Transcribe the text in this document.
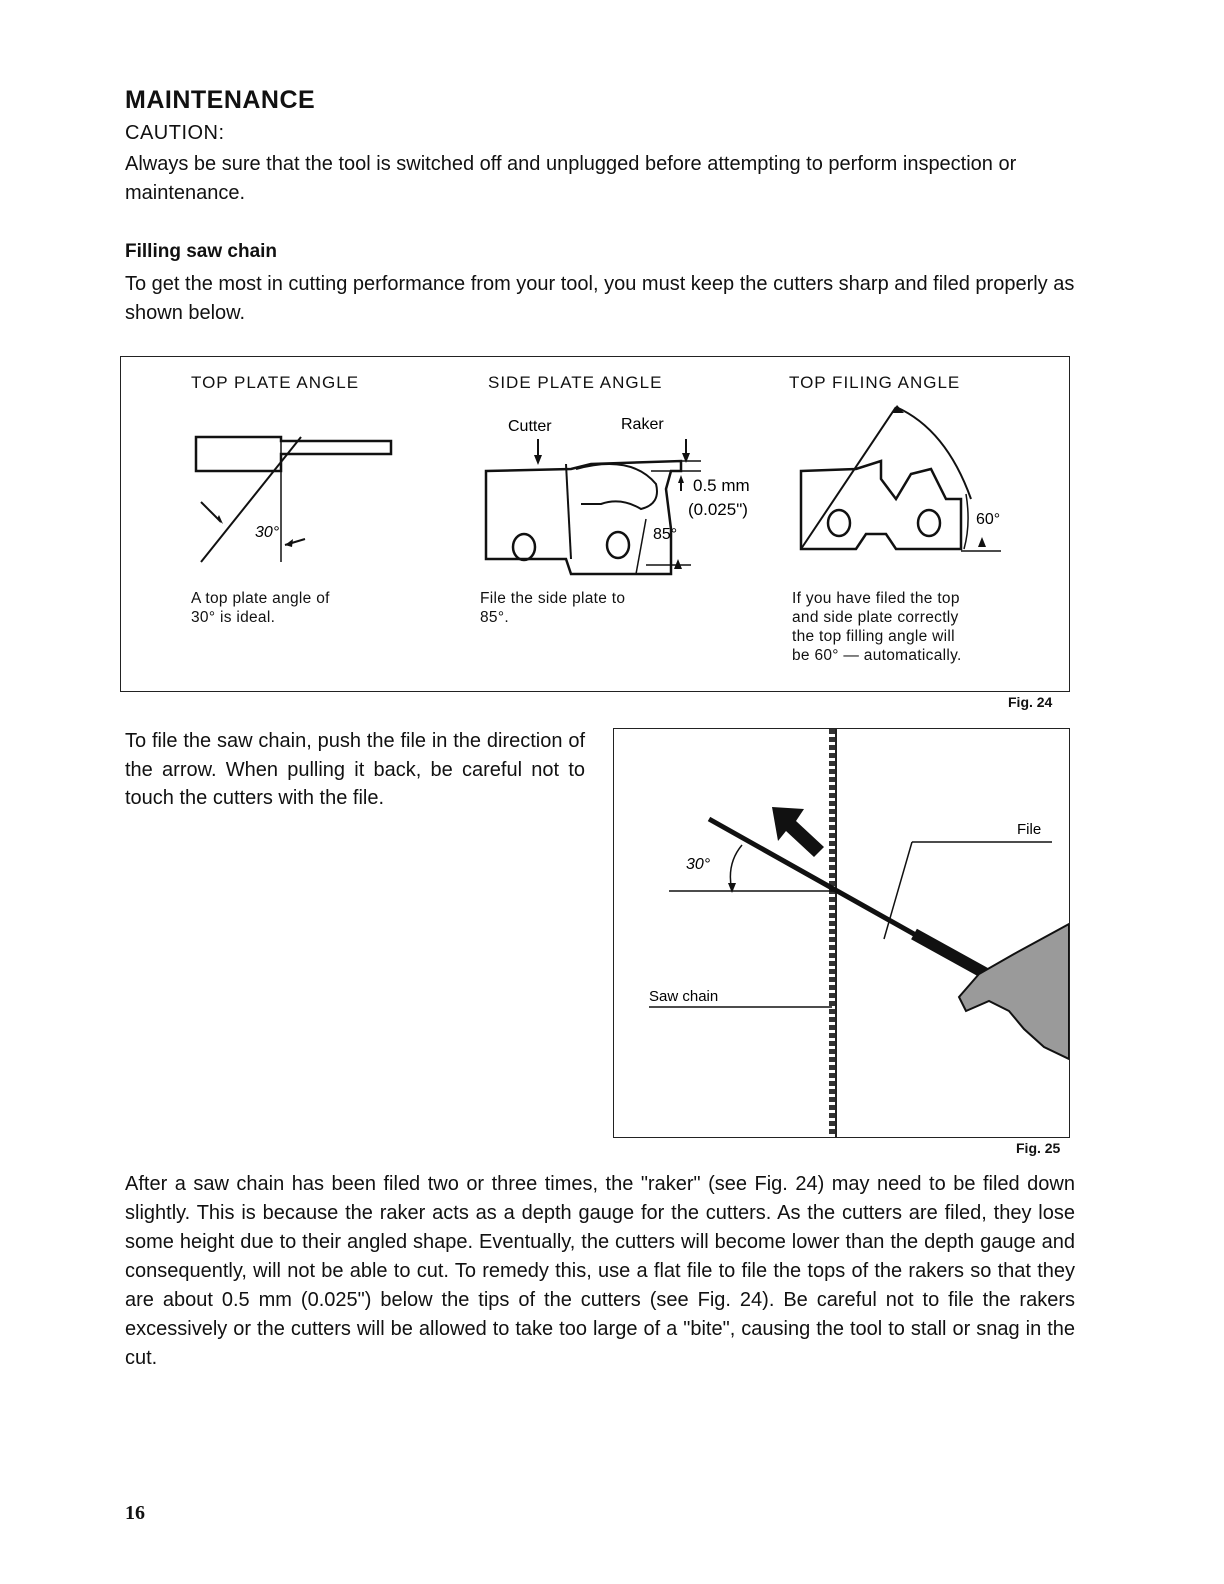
MAINTENANCE
CAUTION:
Always be sure that the tool is switched off and unplugged before attempting to perform inspection or maintenance.
Filling saw chain
To get the most in cutting performance from your tool, you must keep the cutters sharp and filed properly as shown below.
TOP PLATE ANGLE	SIDE PLATE ANGLE	TOP FILING ANGLE
30°
Cutter	Raker
0.5 mm
(0.025")
85°
60°
A top plate angle of
30° is ideal.
File the side plate to
85°.
If you have filed the top
and side plate correctly
the top filling angle will
be 60° — automatically.
Fig. 24
To file the saw chain, push the file in the direction of the arrow. When pulling it back, be careful not to touch the cutters with the file.
30°
File
Saw chain
Fig. 25
After a saw chain has been filed two or three times, the "raker" (see Fig. 24) may need to be filed down slightly. This is because the raker acts as a depth gauge for the cutters. As the cutters are filed, they lose some height due to their angled shape. Eventually, the cutters will become lower than the depth gauge and consequently, will not be able to cut. To remedy this, use a flat file to file the tops of the rakers so that they are about 0.5 mm (0.025") below the tips of the cutters (see Fig. 24). Be careful not to file the rakers excessively or the cutters will be allowed to take too large of a "bite", causing the tool to stall or snag in the cut.
16
